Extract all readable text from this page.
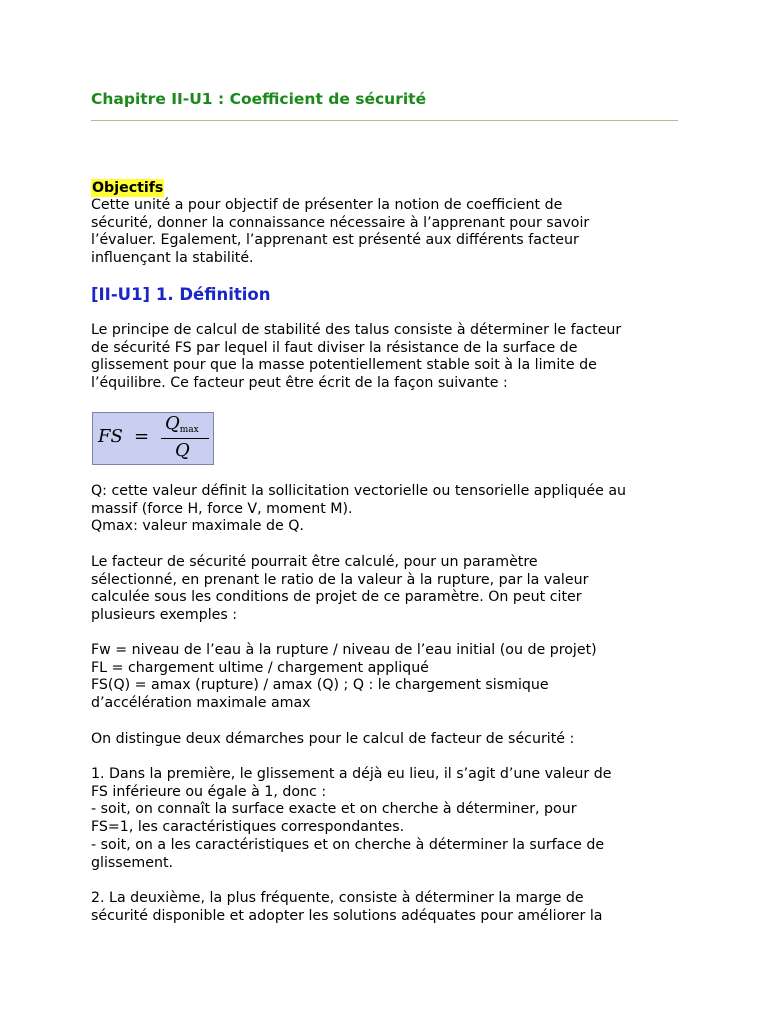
Chapitre II-U1 : Coefficient de sécurité
Objectifs

Cette unité a pour objectif de présenter la notion de coefficient de
sécurité, donner la connaissance nécessaire à l’apprenant pour savoir
l’évaluer. Egalement, l’apprenant est présenté aux différents facteur
influençant la stabilité.

[II-U1] 1. Définition

Le principe de calcul de stabilité des talus consiste à déterminer le facteur
de sécurité FS par lequel il faut diviser la résistance de la surface de
glissement pour que la masse potentiellement stable soit à la limite de
l’équilibre. Ce facteur peut être écrit de la façon suivante :

FS =
$Q_{max}$
Q

Q: cette valeur définit la sollicitation vectorielle ou tensorielle appliquée au
massif (force H, force V, moment M).
Qmax: valeur maximale de Q.

Le facteur de sécurité pourrait être calculé, pour un paramètre
sélectionné, en prenant le ratio de la valeur à la rupture, par la valeur
calculée sous les conditions de projet de ce paramètre. On peut citer
plusieurs exemples :

Fw = niveau de l’eau à la rupture / niveau de l’eau initial (ou de projet)
FL = chargement ultime / chargement appliqué
FS(Q) = amax (rupture) / amax (Q) ; Q : le chargement sismique
d’accélération maximale amax

On distingue deux démarches pour le calcul de facteur de sécurité :

1. Dans la première, le glissement a déjà eu lieu, il s’agit d’une valeur de
FS inférieure ou égale à 1, donc :
- soit, on connaît la surface exacte et on cherche à déterminer, pour
FS=1, les caractéristiques correspondantes.
- soit, on a les caractéristiques et on cherche à déterminer la surface de
glissement.

2. La deuxième, la plus fréquente, consiste à déterminer la marge de
sécurité disponible et adopter les solutions adéquates pour améliorer la
